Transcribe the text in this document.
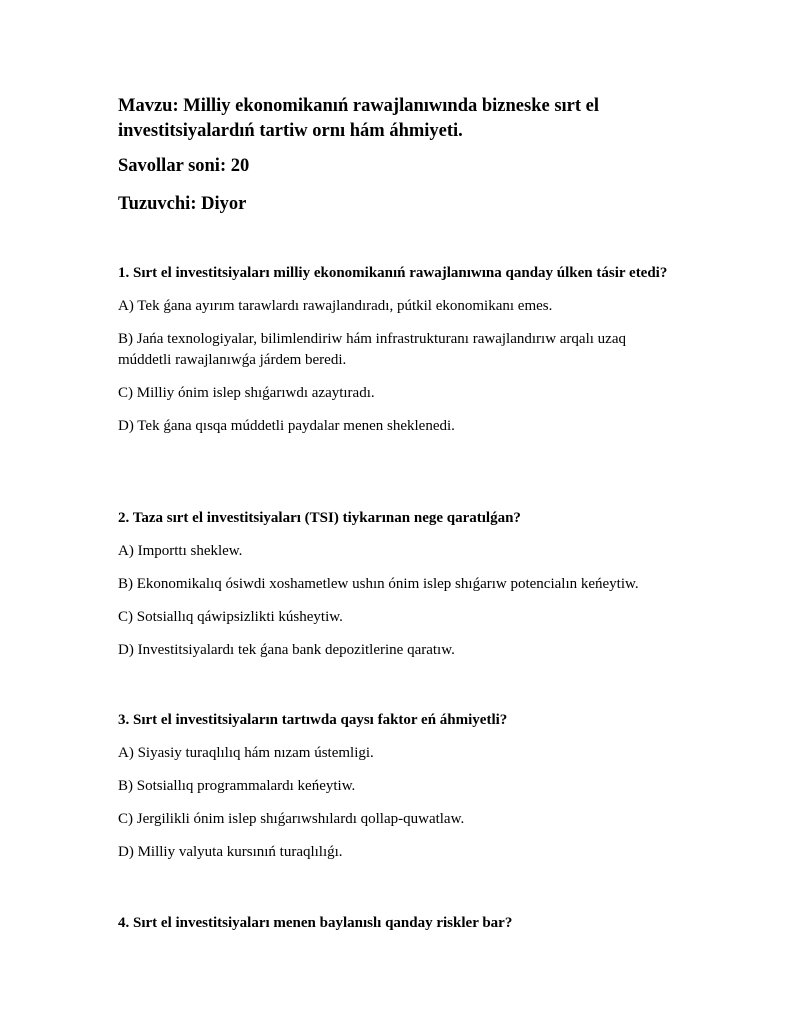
Mavzu: Milliy ekonomikanıń rawajlanıwında bizneske sırt el investitsiyalardıń tartiw ornı hám áhmiyeti.

Savollar soni: 20

Tuzuvchi: Diyor

1. Sırt el investitsiyaları milliy ekonomikanıń rawajlanıwına qanday úlken tásir etedi?

A) Tek ǵana ayırım tarawlardı rawajlandıradı, pútkil ekonomikanı emes.

B) Jańa texnologiyalar, bilimlendiriw hám infrastrukturanı rawajlandırıw arqalı uzaq múddetli rawajlanıwǵa járdem beredi.

C) Milliy ónim islep shıǵarıwdı azaytıradı.

D) Tek ǵana qısqa múddetli paydalar menen sheklenedi.

2. Taza sırt el investitsiyaları (TSI) tiykarınan nege qaratılǵan?

A) Importtı sheklew.

B) Ekonomikalıq ósiwdi xoshametlew ushın ónim islep shıǵarıw potencialın keńeytiw.

C) Sotsiallıq qáwipsizlikti kúsheytiw.

D) Investitsiyalardı tek ǵana bank depozitlerine qaratıw.

3. Sırt el investitsiyaların tartıwda qaysı faktor eń áhmiyetli?

A) Siyasiy turaqlılıq hám nızam ústemligi.

B) Sotsiallıq programmalardı keńeytiw.

C) Jergilikli ónim islep shıǵarıwshılardı qollap-quwatlaw.

D) Milliy valyuta kursınıń turaqlılıǵı.

4. Sırt el investitsiyaları menen baylanıslı qanday riskler bar?
